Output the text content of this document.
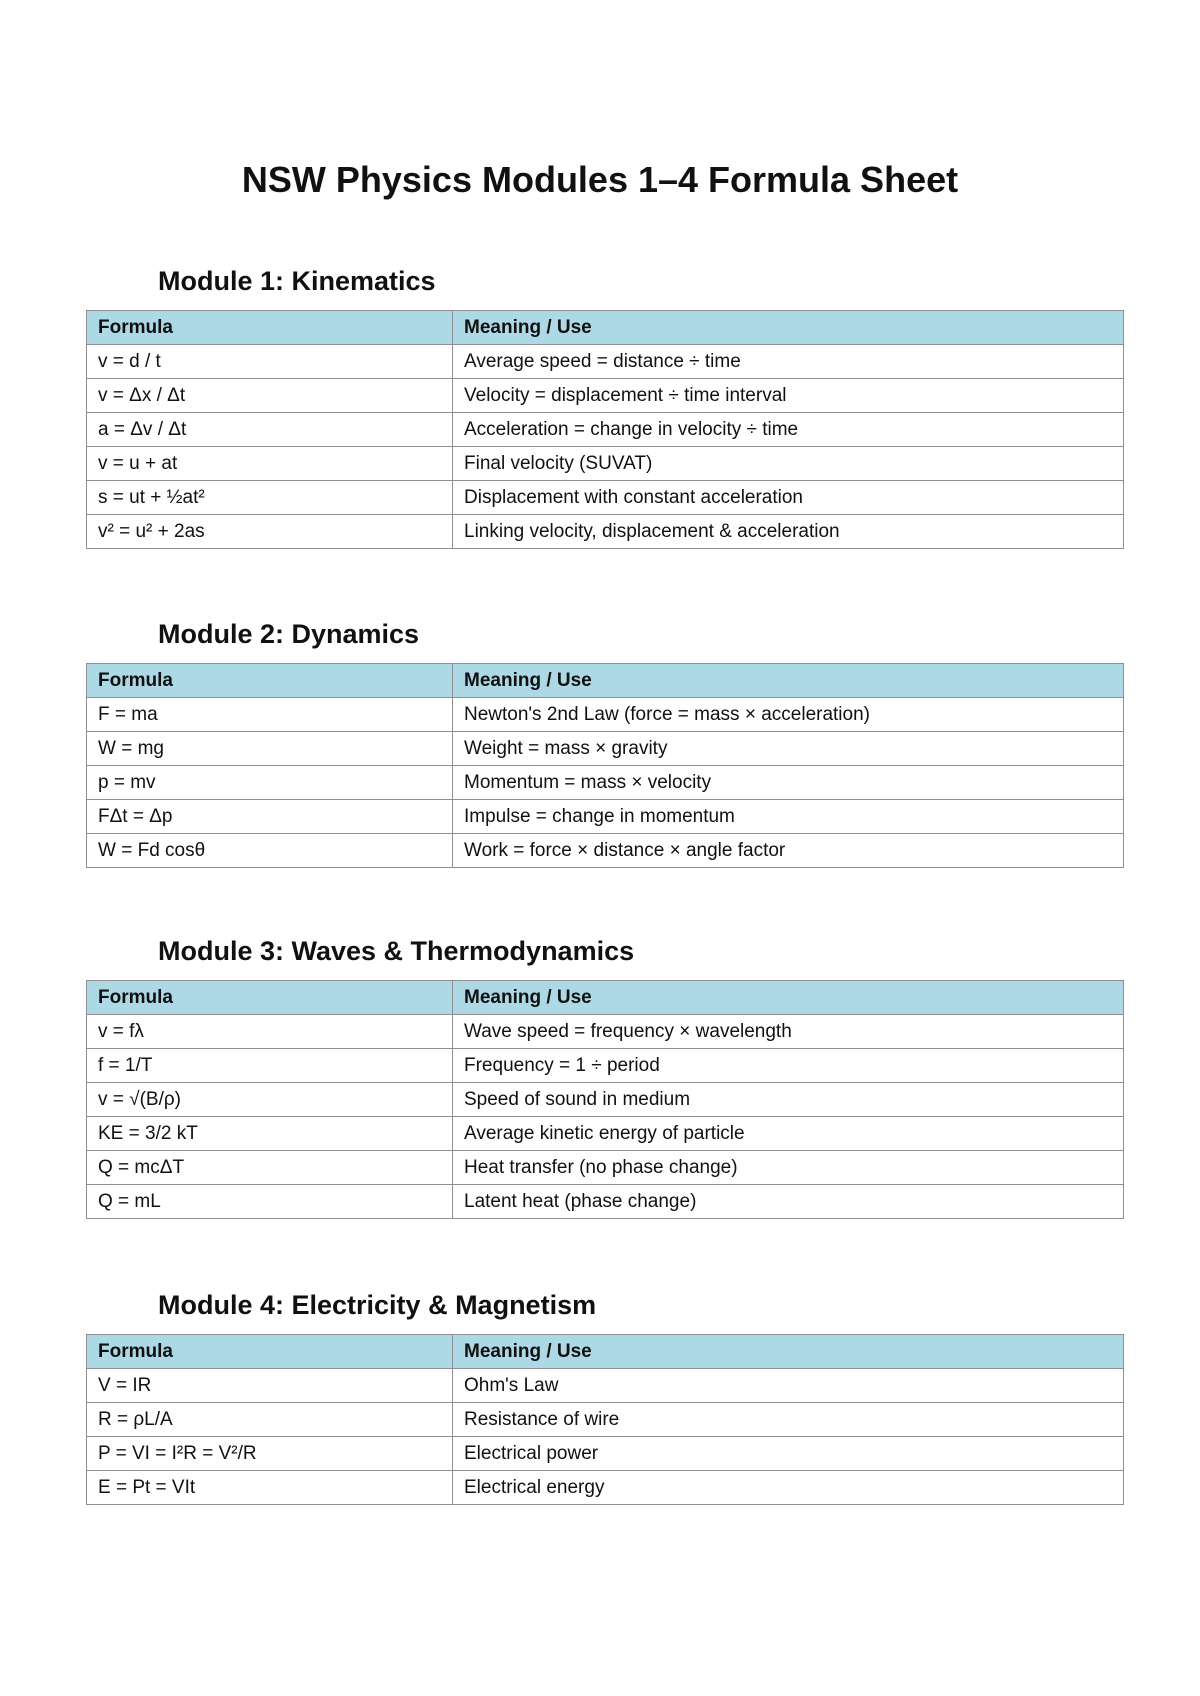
NSW Physics Modules 1–4 Formula Sheet
Module 1: Kinematics
Formula	Meaning / Use
v = d / t	Average speed = distance ÷ time
v = Δx / Δt	Velocity = displacement ÷ time interval
a = Δv / Δt	Acceleration = change in velocity ÷ time
v = u + at	Final velocity (SUVAT)
s = ut + ½at²	Displacement with constant acceleration
v² = u² + 2as	Linking velocity, displacement & acceleration
Module 2: Dynamics
Formula	Meaning / Use
F = ma	Newton's 2nd Law (force = mass × acceleration)
W = mg	Weight = mass × gravity
p = mv	Momentum = mass × velocity
FΔt = Δp	Impulse = change in momentum
W = Fd cosθ	Work = force × distance × angle factor
Module 3: Waves & Thermodynamics
Formula	Meaning / Use
v = fλ	Wave speed = frequency × wavelength
f = 1/T	Frequency = 1 ÷ period
v = √(B/ρ)	Speed of sound in medium
KE = 3/2 kT	Average kinetic energy of particle
Q = mcΔT	Heat transfer (no phase change)
Q = mL	Latent heat (phase change)
Module 4: Electricity & Magnetism
Formula	Meaning / Use
V = IR	Ohm's Law
R = ρL/A	Resistance of wire
P = VI = I²R = V²/R	Electrical power
E = Pt = VIt	Electrical energy
